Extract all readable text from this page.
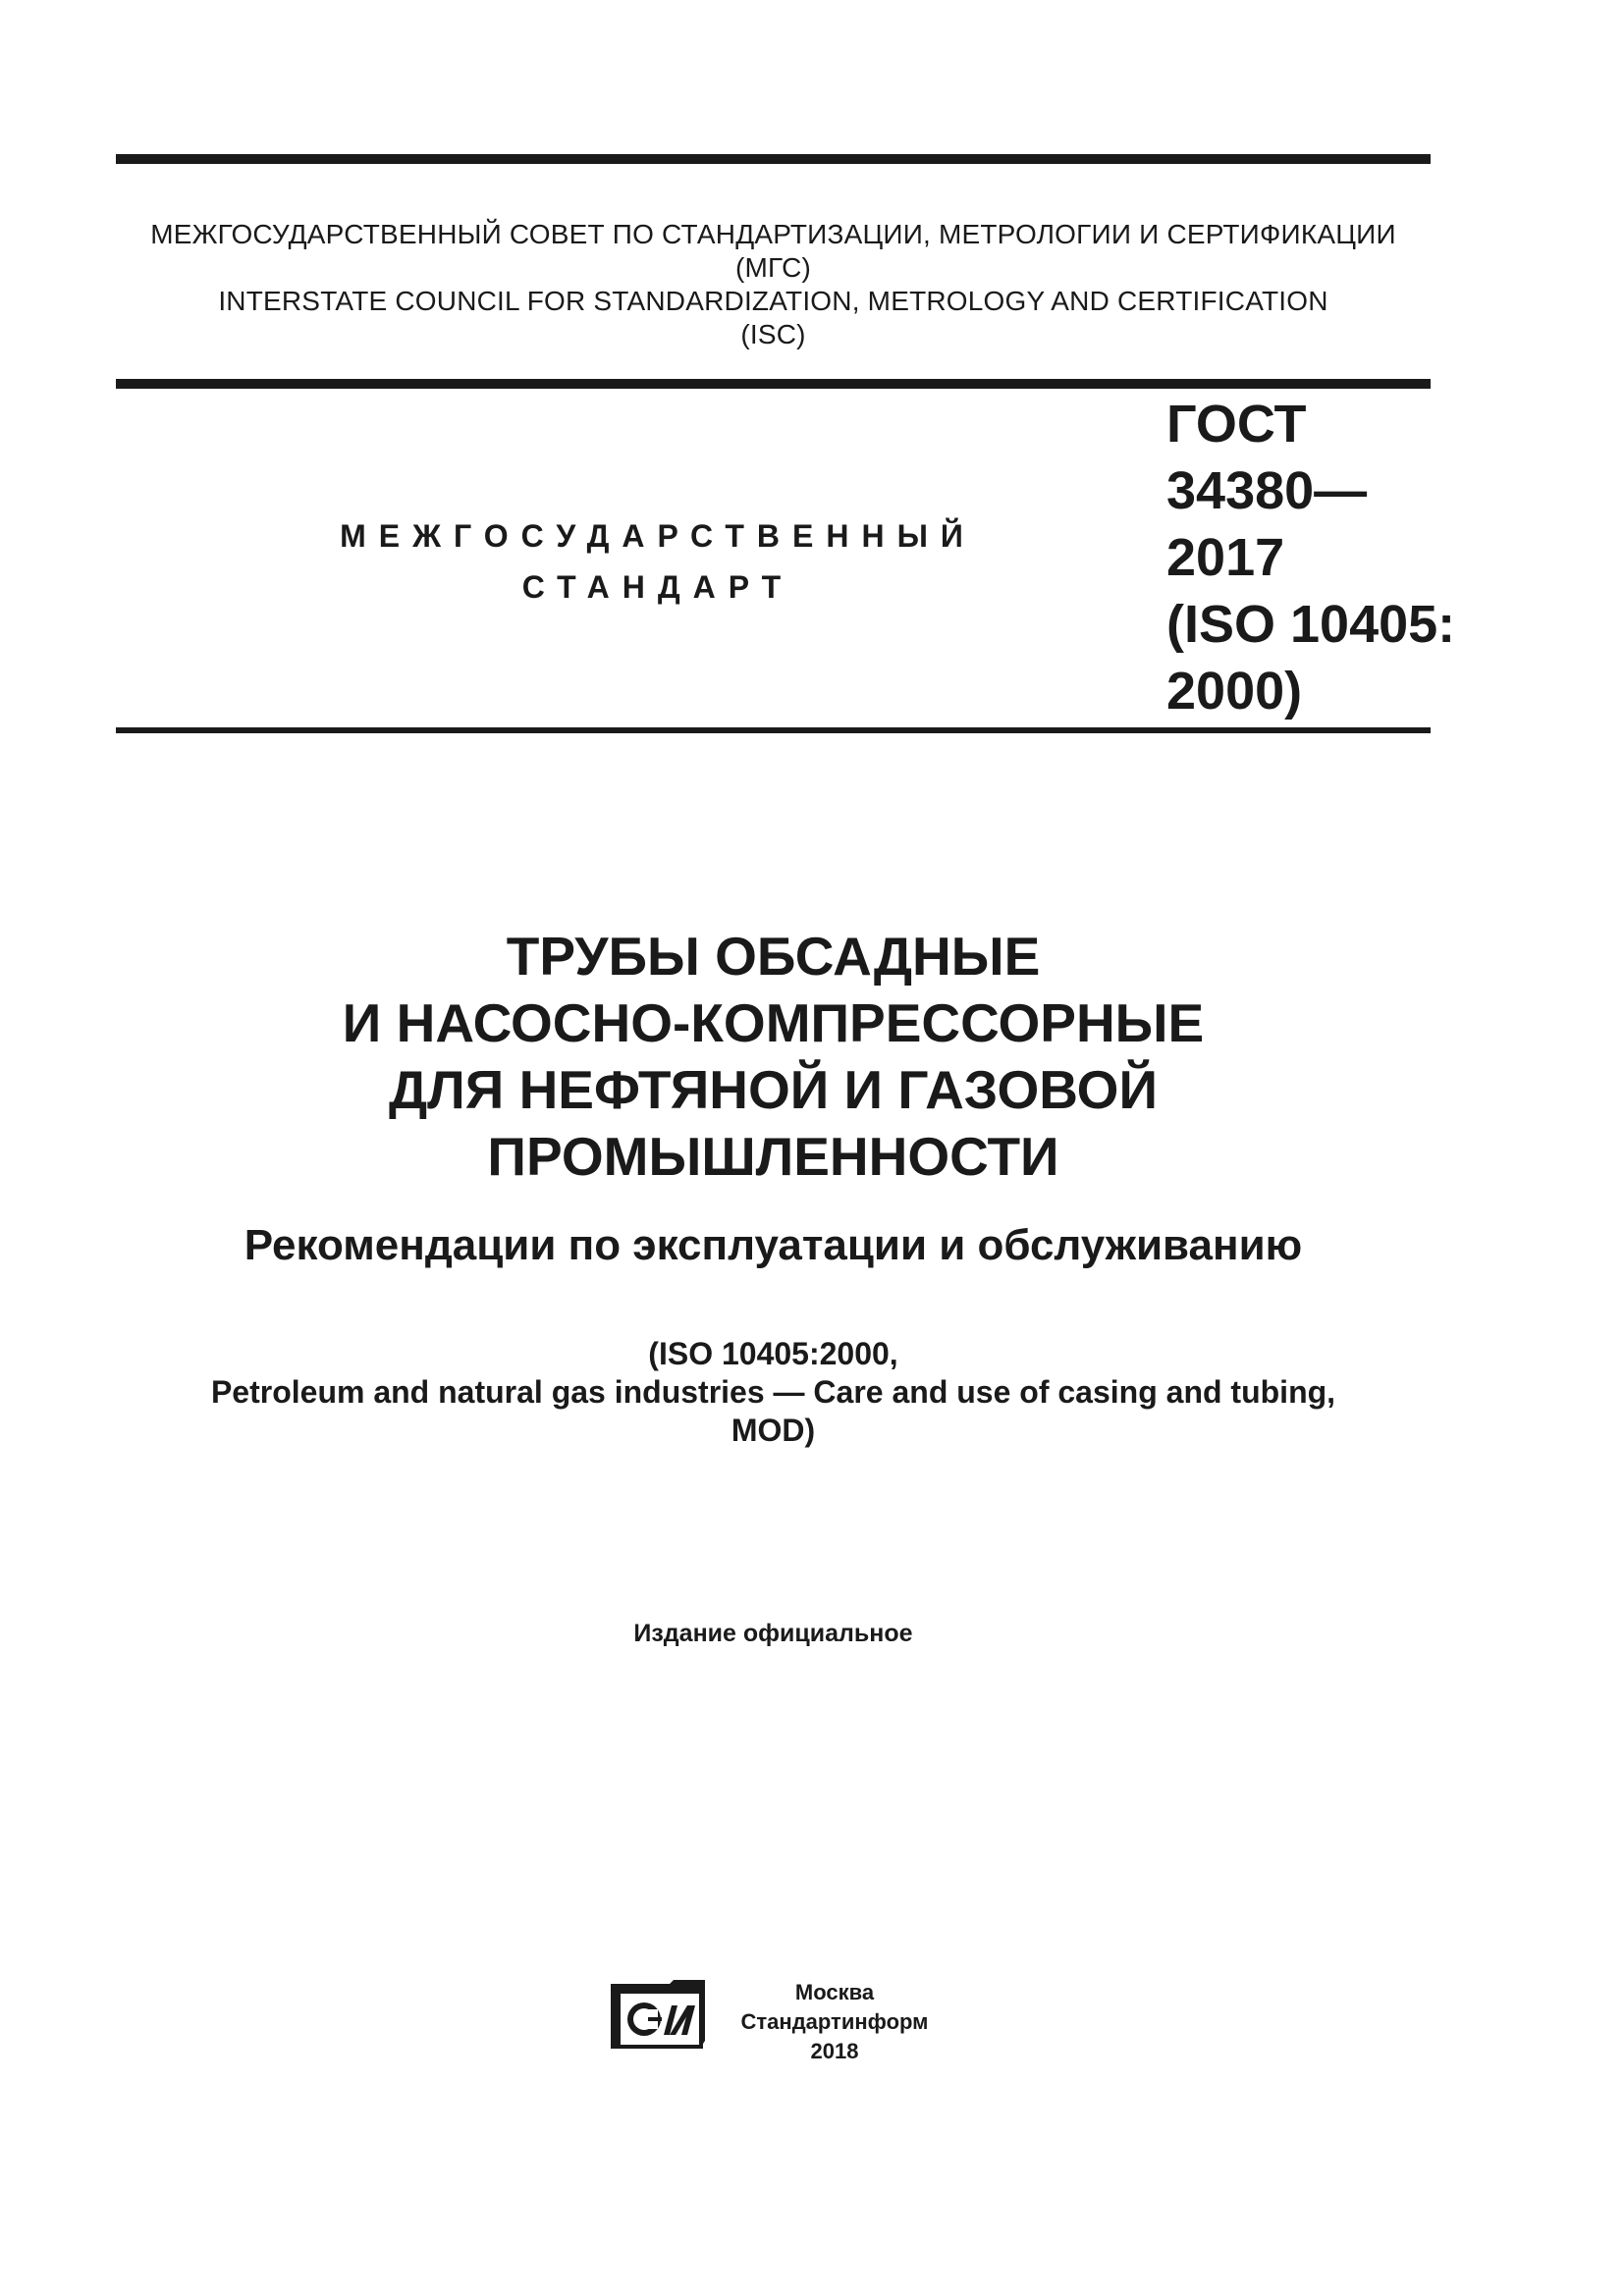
МЕЖГОСУДАРСТВЕННЫЙ СОВЕТ ПО СТАНДАРТИЗАЦИИ, МЕТРОЛОГИИ И СЕРТИФИКАЦИИ
(МГС)
INTERSTATE COUNCIL FOR STANDARDIZATION, METROLOGY AND CERTIFICATION
(ISC)
МЕЖГОСУДАРСТВЕННЫЙ
СТАНДАРТ
ГОСТ
34380—
2017
(ISO 10405:
2000)
ТРУБЫ ОБСАДНЫЕ
И НАСОСНО-КОМПРЕССОРНЫЕ
ДЛЯ НЕФТЯНОЙ И ГАЗОВОЙ
ПРОМЫШЛЕННОСТИ
Рекомендации по эксплуатации и обслуживанию
(ISO 10405:2000,
Petroleum and natural gas industries — Care and use of casing and tubing,
MOD)
Издание официальное
Москва
Стандартинформ
2018
